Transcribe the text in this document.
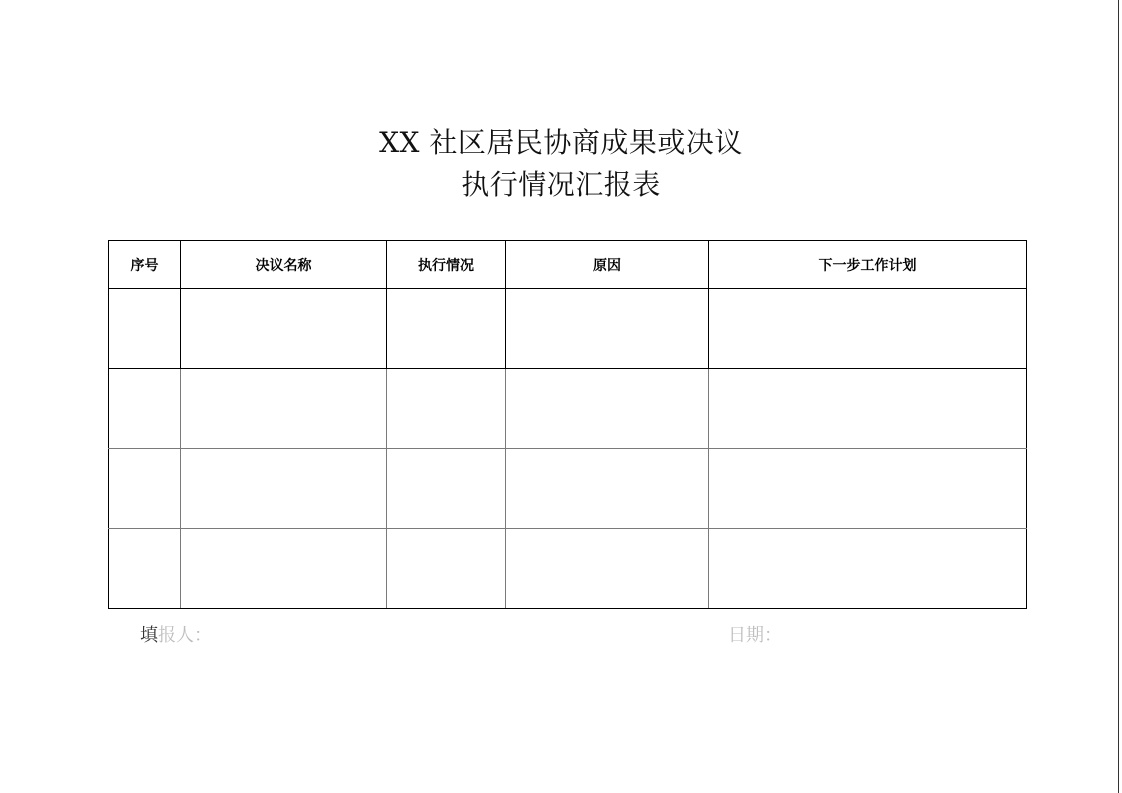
XX 社区居民协商成果或决议
执行情况汇报表
序号	决议名称	执行情况	原因	下一步工作计划

填报人：	日期：
